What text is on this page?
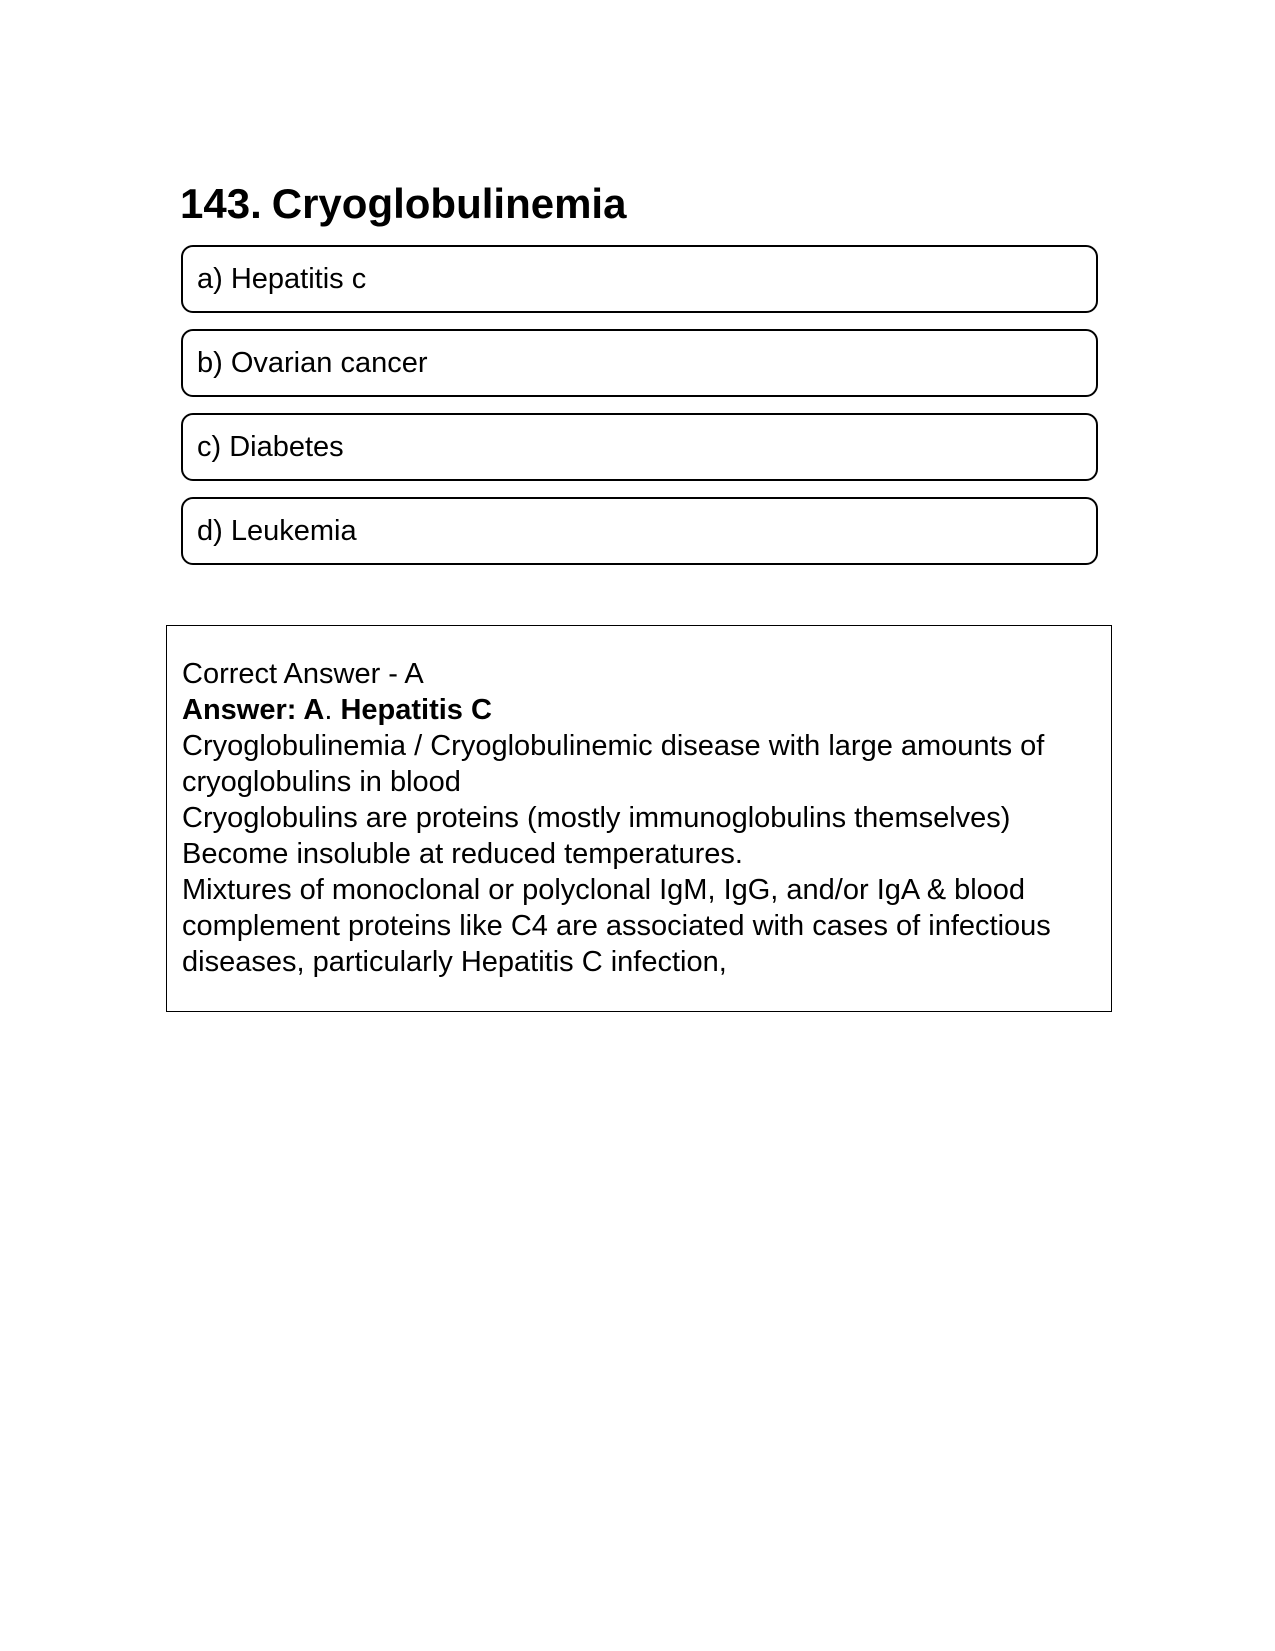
143. Cryoglobulinemia
a) Hepatitis c
b) Ovarian cancer
c) Diabetes
d) Leukemia

Correct Answer - A

Answer: A. Hepatitis C

Cryoglobulinemia / Cryoglobulinemic disease with large amounts of cryoglobulins in blood

Cryoglobulins are proteins (mostly immunoglobulins themselves)

Become insoluble at reduced temperatures.

Mixtures of monoclonal or polyclonal IgM, IgG, and/or IgA & blood complement proteins like C4 are associated with cases of infectious diseases, particularly Hepatitis C infection,
